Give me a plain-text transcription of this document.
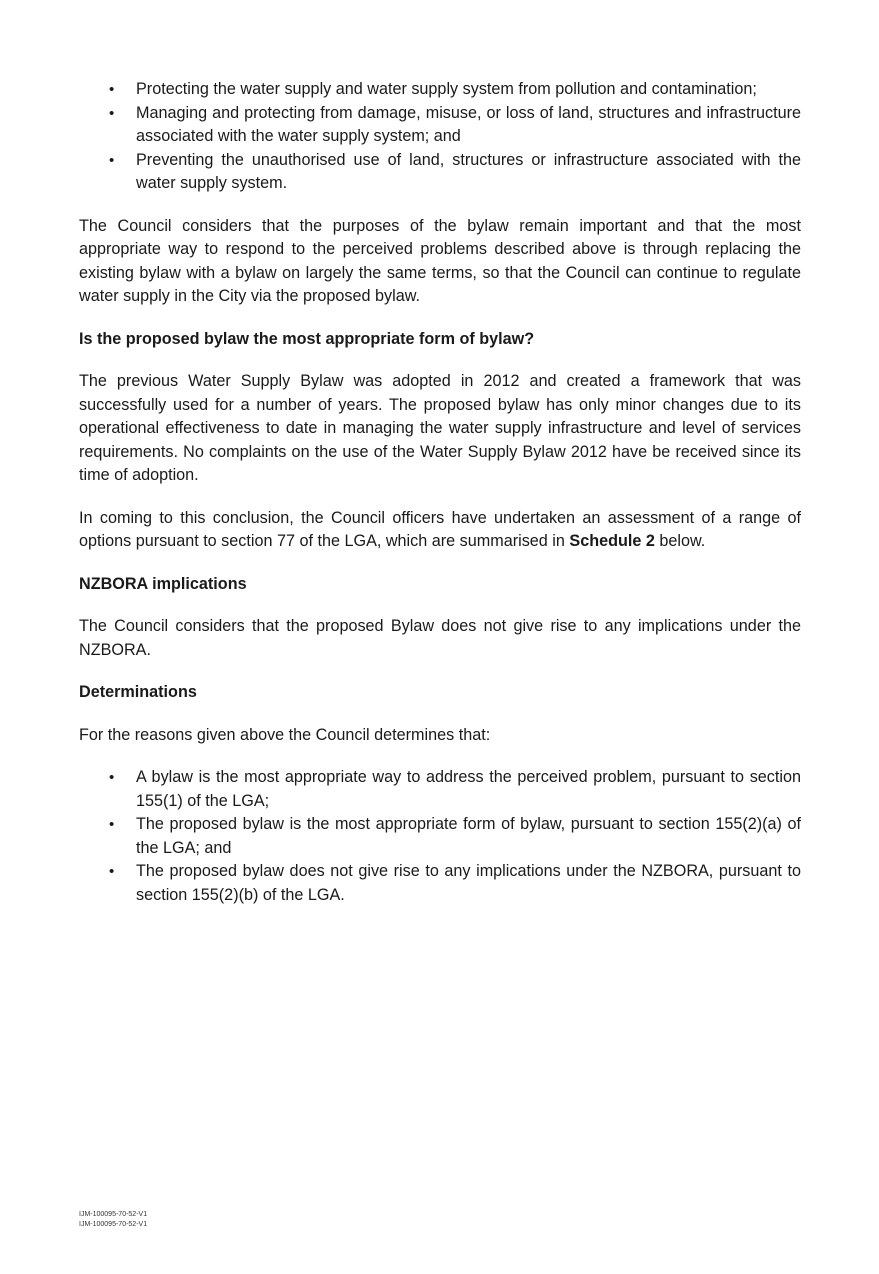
• Protecting the water supply and water supply system from pollution and contamination;
• Managing and protecting from damage, misuse, or loss of land, structures and infrastructure associated with the water supply system; and
• Preventing the unauthorised use of land, structures or infrastructure associated with the water supply system.

The Council considers that the purposes of the bylaw remain important and that the most appropriate way to respond to the perceived problems described above is through replacing the existing bylaw with a bylaw on largely the same terms, so that the Council can continue to regulate water supply in the City via the proposed bylaw.

Is the proposed bylaw the most appropriate form of bylaw?

The previous Water Supply Bylaw was adopted in 2012 and created a framework that was successfully used for a number of years. The proposed bylaw has only minor changes due to its operational effectiveness to date in managing the water supply infrastructure and level of services requirements. No complaints on the use of the Water Supply Bylaw 2012 have be received since its time of adoption.

In coming to this conclusion, the Council officers have undertaken an assessment of a range of options pursuant to section 77 of the LGA, which are summarised in Schedule 2 below.

NZBORA implications

The Council considers that the proposed Bylaw does not give rise to any implications under the NZBORA.

Determinations

For the reasons given above the Council determines that:

• A bylaw is the most appropriate way to address the perceived problem, pursuant to section 155(1) of the LGA;
• The proposed bylaw is the most appropriate form of bylaw, pursuant to section 155(2)(a) of the LGA; and
• The proposed bylaw does not give rise to any implications under the NZBORA, pursuant to section 155(2)(b) of the LGA.
IJM-100095-70-52-V1
IJM-100095-70-52-V1
